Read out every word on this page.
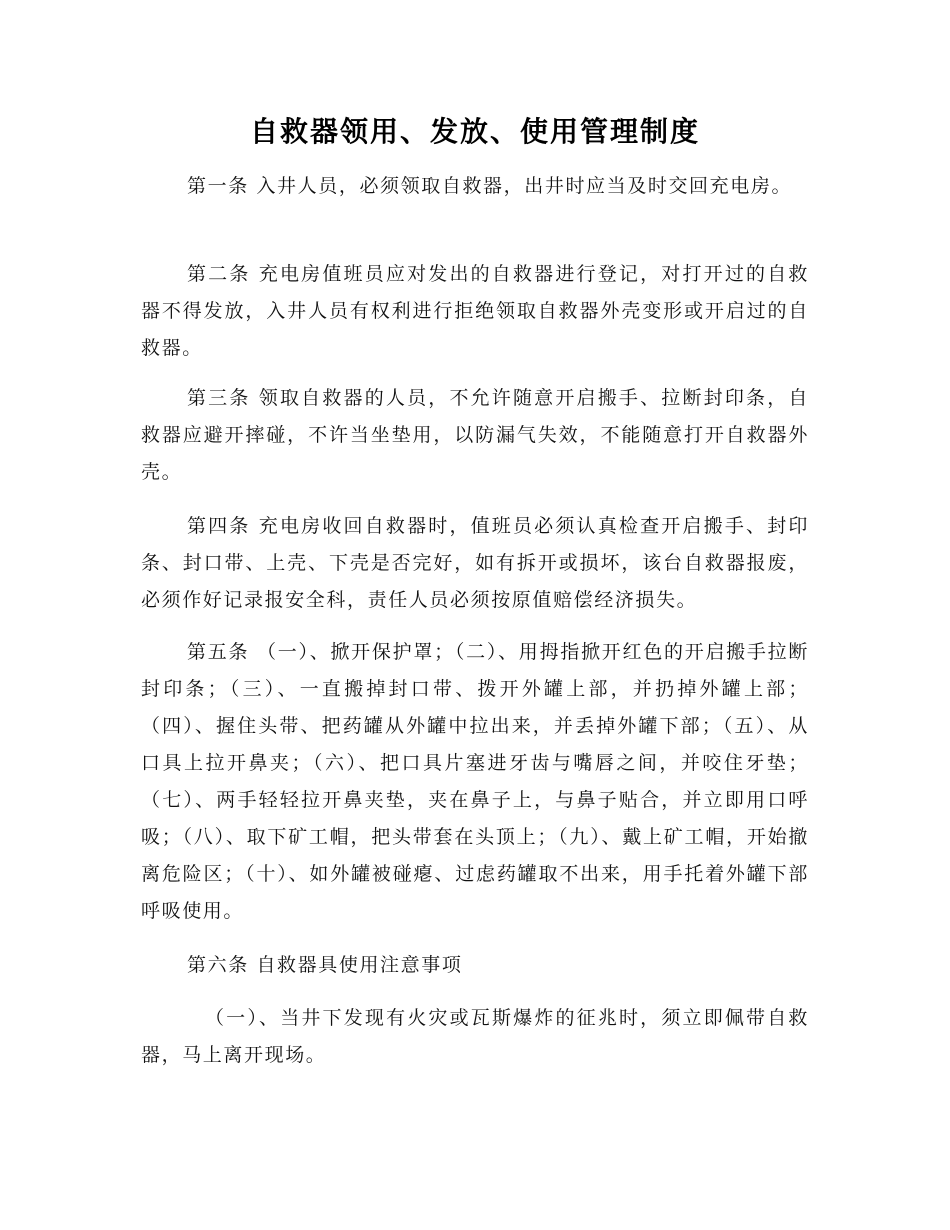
自救器领用、发放、使用管理制度

第一条 入井人员，必须领取自救器，出井时应当及时交回充电房。

第二条 充电房值班员应对发出的自救器进行登记，对打开过的自救器不得发放，入井人员有权利进行拒绝领取自救器外壳变形或开启过的自救器。

第三条 领取自救器的人员，不允许随意开启搬手、拉断封印条，自救器应避开摔碰，不许当坐垫用，以防漏气失效，不能随意打开自救器外壳。

第四条 充电房收回自救器时，值班员必须认真检查开启搬手、封印条、封口带、上壳、下壳是否完好，如有拆开或损坏，该台自救器报废，必须作好记录报安全科，责任人员必须按原值赔偿经济损失。

第五条 （一）、掀开保护罩；（二）、用拇指掀开红色的开启搬手拉断封印条；（三）、一直搬掉封口带、拨开外罐上部，并扔掉外罐上部；（四）、握住头带、把药罐从外罐中拉出来，并丢掉外罐下部；（五）、从口具上拉开鼻夹；（六）、把口具片塞进牙齿与嘴唇之间，并咬住牙垫；（七）、两手轻轻拉开鼻夹垫，夹在鼻子上，与鼻子贴合，并立即用口呼吸；（八）、取下矿工帽，把头带套在头顶上；（九）、戴上矿工帽，开始撤离危险区；（十）、如外罐被碰瘪、过虑药罐取不出来，用手托着外罐下部呼吸使用。

第六条 自救器具使用注意事项

（一）、当井下发现有火灾或瓦斯爆炸的征兆时，须立即佩带自救器，马上离开现场。
